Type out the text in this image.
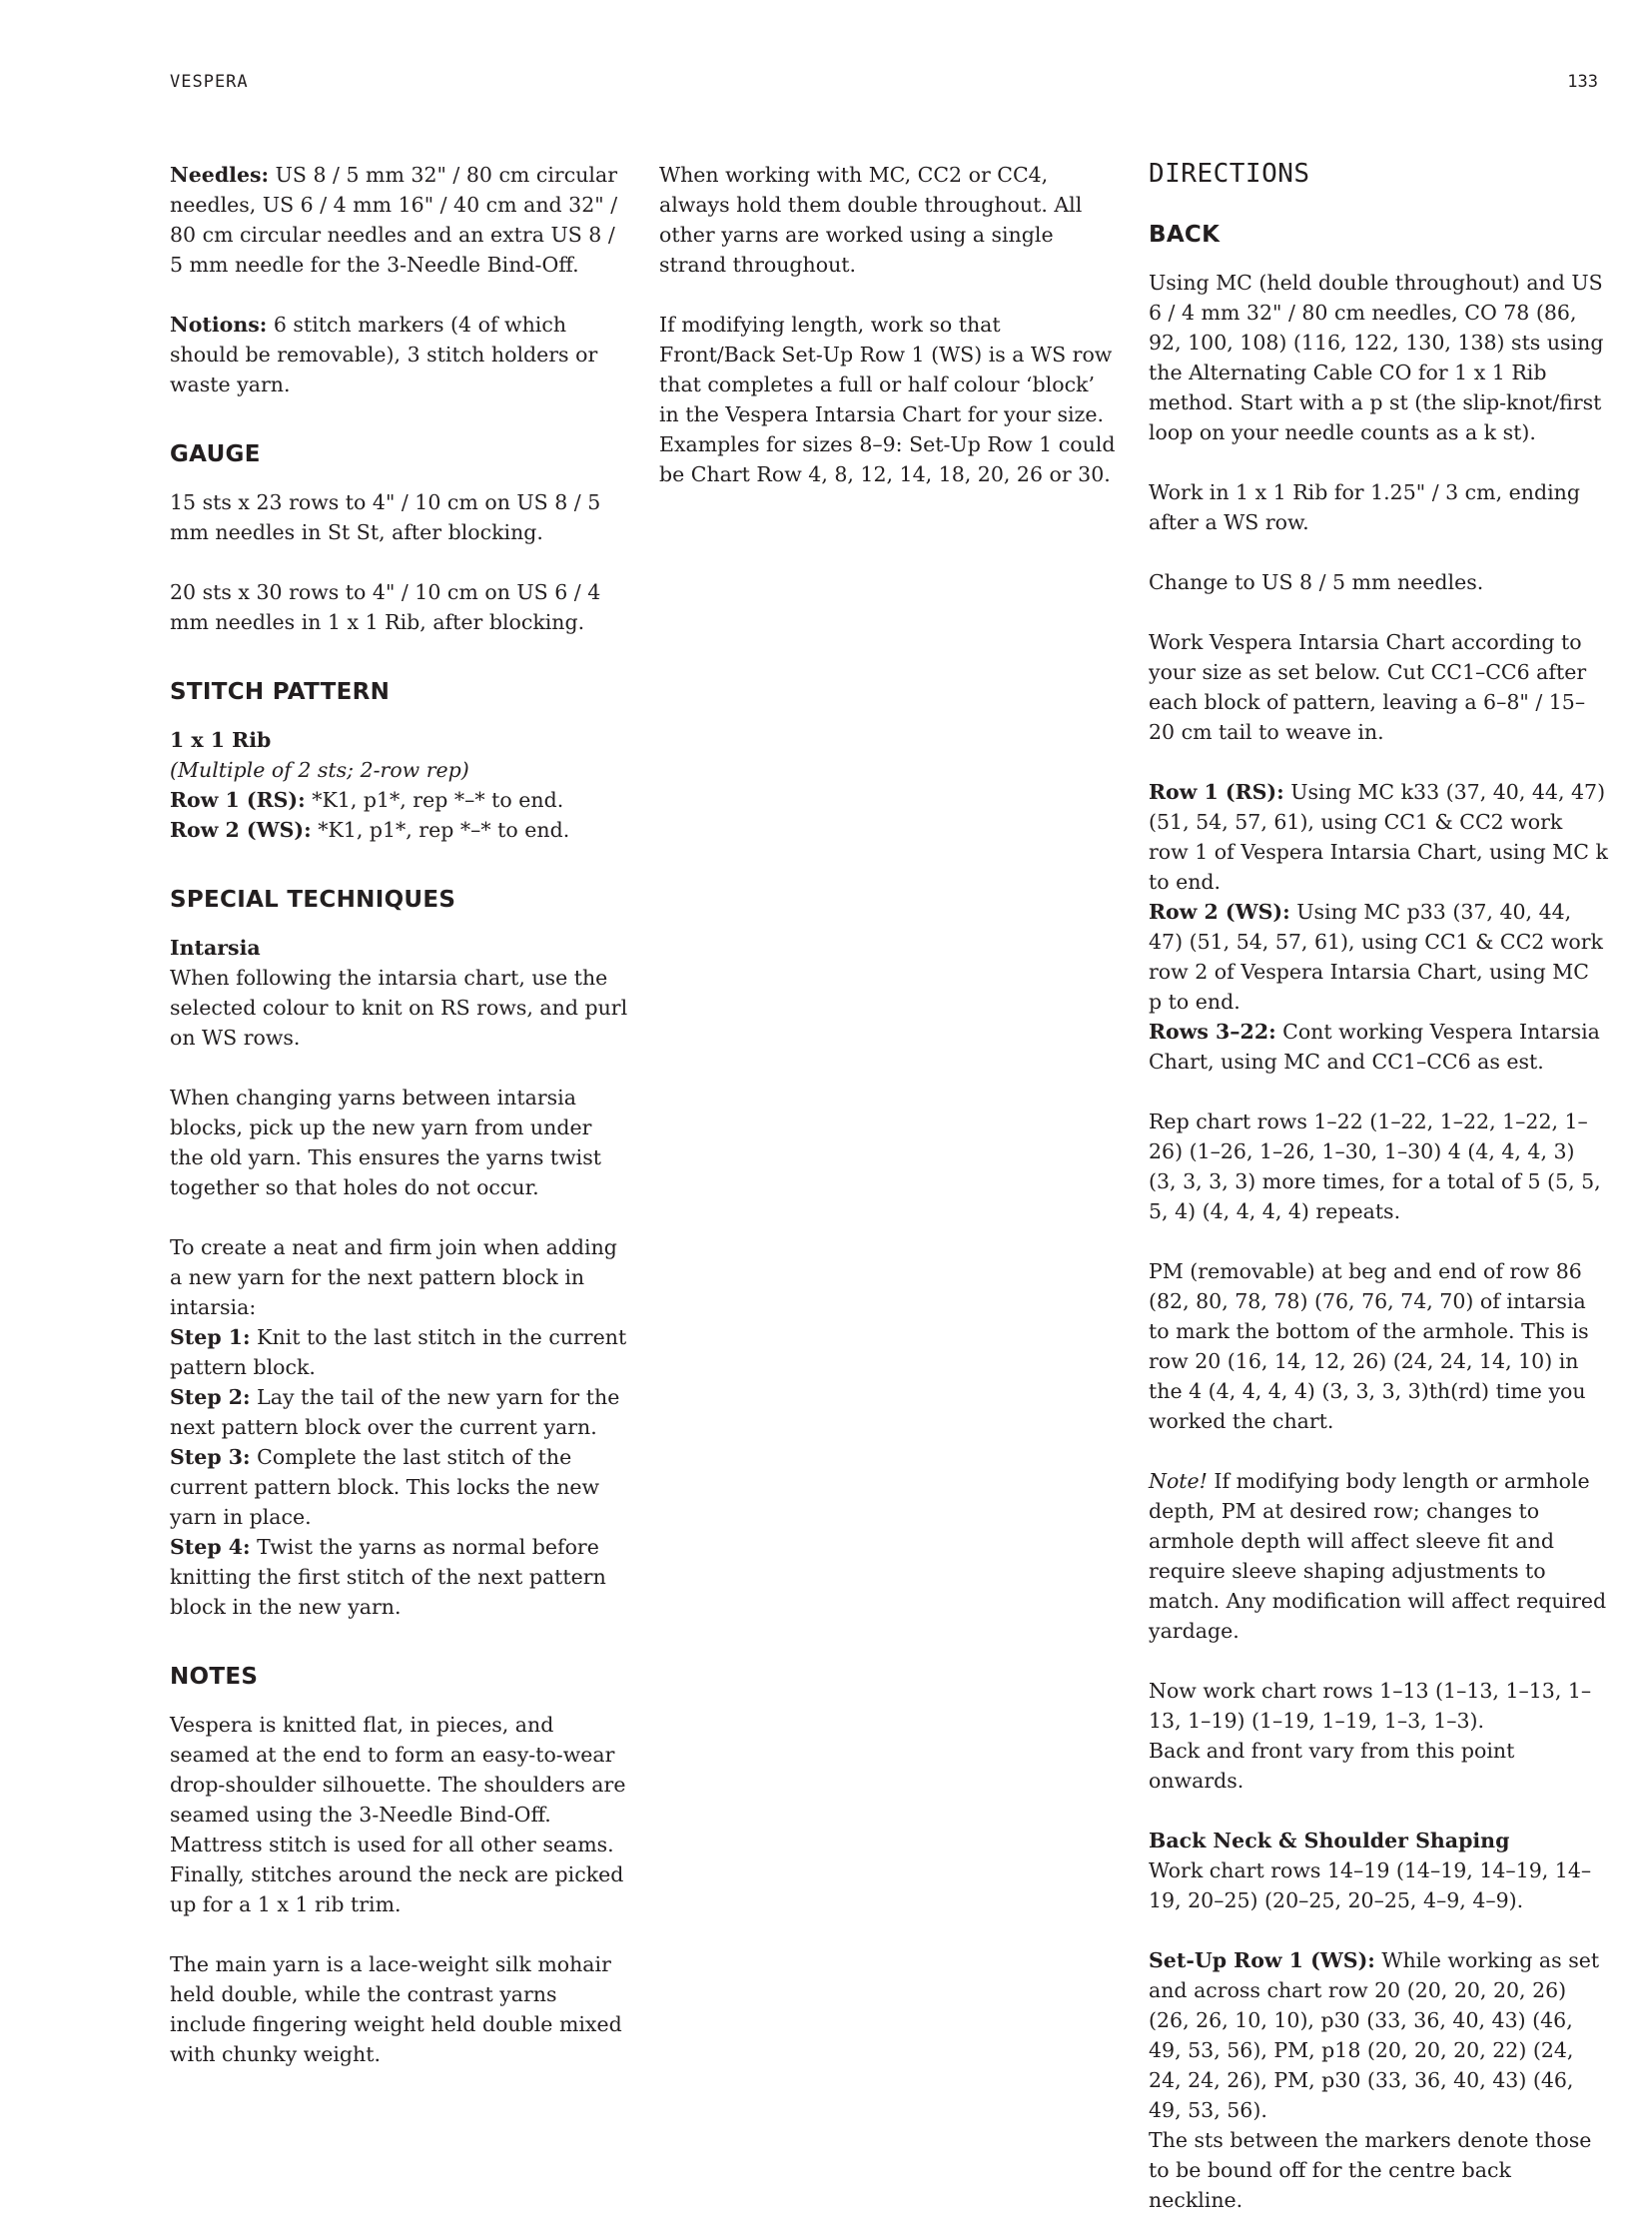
VESPERA	133

Needles: US 8 / 5 mm 32" / 80 cm circular needles, US 6 / 4 mm 16" / 40 cm and 32" / 80 cm circular needles and an extra US 8 / 5 mm needle for the 3-Needle Bind-Off.

Notions: 6 stitch markers (4 of which should be removable), 3 stitch holders or waste yarn.

GAUGE

15 sts x 23 rows to 4" / 10 cm on US 8 / 5 mm needles in St St, after blocking.

20 sts x 30 rows to 4" / 10 cm on US 6 / 4 mm needles in 1 x 1 Rib, after blocking.

STITCH PATTERN

1 x 1 Rib
(Multiple of 2 sts; 2-row rep)
Row 1 (RS): *K1, p1*, rep *–* to end.
Row 2 (WS): *K1, p1*, rep *–* to end.

SPECIAL TECHNIQUES

Intarsia
When following the intarsia chart, use the selected colour to knit on RS rows, and purl on WS rows.

When changing yarns between intarsia blocks, pick up the new yarn from under the old yarn. This ensures the yarns twist together so that holes do not occur.

To create a neat and firm join when adding a new yarn for the next pattern block in intarsia:
Step 1: Knit to the last stitch in the current pattern block.
Step 2: Lay the tail of the new yarn for the next pattern block over the current yarn.
Step 3: Complete the last stitch of the current pattern block. This locks the new yarn in place.
Step 4: Twist the yarns as normal before knitting the first stitch of the next pattern block in the new yarn.

NOTES

Vespera is knitted flat, in pieces, and seamed at the end to form an easy-to-wear drop-shoulder silhouette. The shoulders are seamed using the 3-Needle Bind-Off. Mattress stitch is used for all other seams. Finally, stitches around the neck are picked up for a 1 x 1 rib trim.

The main yarn is a lace-weight silk mohair held double, while the contrast yarns include fingering weight held double mixed with chunky weight.

When working with MC, CC2 or CC4, always hold them double throughout. All other yarns are worked using a single strand throughout.

If modifying length, work so that Front/Back Set-Up Row 1 (WS) is a WS row that completes a full or half colour ‘block’ in the Vespera Intarsia Chart for your size. Examples for sizes 8–9: Set-Up Row 1 could be Chart Row 4, 8, 12, 14, 18, 20, 26 or 30.

DIRECTIONS
BACK

Using MC (held double throughout) and US 6 / 4 mm 32" / 80 cm needles, CO 78 (86, 92, 100, 108) (116, 122, 130, 138) sts using the Alternating Cable CO for 1 x 1 Rib method. Start with a p st (the slip-knot/first loop on your needle counts as a k st).

Work in 1 x 1 Rib for 1.25" / 3 cm, ending after a WS row.

Change to US 8 / 5 mm needles.

Work Vespera Intarsia Chart according to your size as set below. Cut CC1–CC6 after each block of pattern, leaving a 6–8" / 15–20 cm tail to weave in.

Row 1 (RS): Using MC k33 (37, 40, 44, 47) (51, 54, 57, 61), using CC1 & CC2 work row 1 of Vespera Intarsia Chart, using MC k to end.
Row 2 (WS): Using MC p33 (37, 40, 44, 47) (51, 54, 57, 61), using CC1 & CC2 work row 2 of Vespera Intarsia Chart, using MC p to end.
Rows 3–22: Cont working Vespera Intarsia Chart, using MC and CC1–CC6 as est.

Rep chart rows 1–22 (1–22, 1–22, 1–22, 1–26) (1–26, 1–26, 1–30, 1–30) 4 (4, 4, 4, 3) (3, 3, 3, 3) more times, for a total of 5 (5, 5, 5, 4) (4, 4, 4, 4) repeats.

PM (removable) at beg and end of row 86 (82, 80, 78, 78) (76, 76, 74, 70) of intarsia to mark the bottom of the armhole. This is row 20 (16, 14, 12, 26) (24, 24, 14, 10) in the 4 (4, 4, 4, 4) (3, 3, 3, 3)th(rd) time you worked the chart.

Note! If modifying body length or armhole depth, PM at desired row; changes to armhole depth will affect sleeve fit and require sleeve shaping adjustments to match. Any modification will affect required yardage.

Now work chart rows 1–13 (1–13, 1–13, 1–13, 1–19) (1–19, 1–19, 1–3, 1–3).
Back and front vary from this point onwards.

Back Neck & Shoulder Shaping
Work chart rows 14–19 (14–19, 14–19, 14–19, 20–25) (20–25, 20–25, 4–9, 4–9).

Set-Up Row 1 (WS): While working as set and across chart row 20 (20, 20, 20, 26) (26, 26, 10, 10), p30 (33, 36, 40, 43) (46, 49, 53, 56), PM, p18 (20, 20, 20, 22) (24, 24, 24, 26), PM, p30 (33, 36, 40, 43) (46, 49, 53, 56).
The sts between the markers denote those to be bound off for the centre back neckline.
